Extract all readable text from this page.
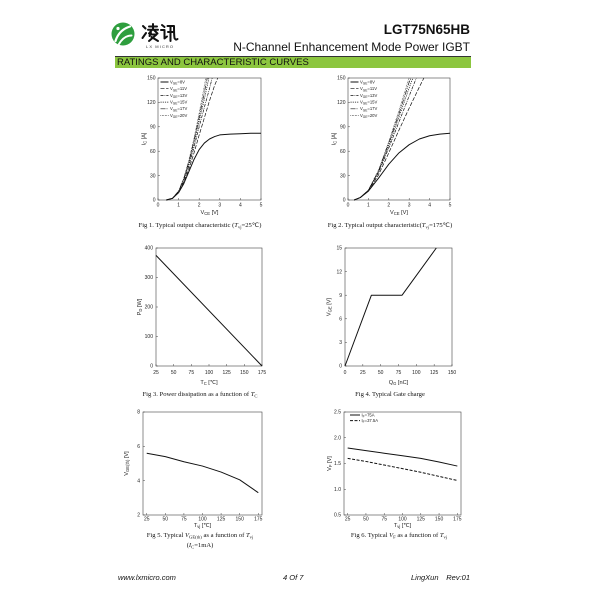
LX MICRO
LGT75N65HB
N-Channel Enhancement Mode Power IGBT
RATINGS AND CHARACTERISTIC CURVES
0	1	2	3	4	5
0
30
60
90
120
150
$V_{GE}=8V$
$V_{GE}=11V$
$V_{GE}=13V$
$V_{GE}=15V$
$V_{GE}=17V$
$V_{GE}=20V$
$V_{CE}$ [V]
$I_C[A]$
0	1	2	3	4	5
0
30
60
90
120
150
$V_{GE}=8V$
$V_{GE}=11V$
$V_{GE}=13V$
$V_{GE}=15V$
$V_{GE}=17V$
$V_{GE}=20V$
$V_{CE}$ [V]
$I_C[A]$
25 50 75 100 125 150 175
0
100
200
300
400
$T_C$ [℃]
$P_D[W]$
0	25 50 75 100 125 150
0
3
6
9
12
15
$Q_G$ [nC]
$V_{GE}[V]$
25	50	75 100 125 150 175
2
4
6
8
$T_{vj}$ [℃]
$V_{GE(th)}[V]$
25	50	75 100 125 150 175
0.5
1.0
1.5
2.0
2.5	$I_F=75A$
$I_F=37.5A$
$T_{vj}$ [℃]
$V_F[V]$
Fig 1. Typical output characteristic $(T_{vj}=25℃)$	Fig 2. Typical output $characteristic(T_{vj}=175℃)$
Fig 3. Power dissipation as a function of $T_C$	Fig 4. Typical Gate charge
Fig 5. Typical $V_{GE(th)}$ as a function of $T_{vj}$
$(I_C=1mA)$
Fig 6. Typical $V_F$ as a function of $T_{vj}$
www.lxmicro.com	4 Of 7	LingXun Rev:01
